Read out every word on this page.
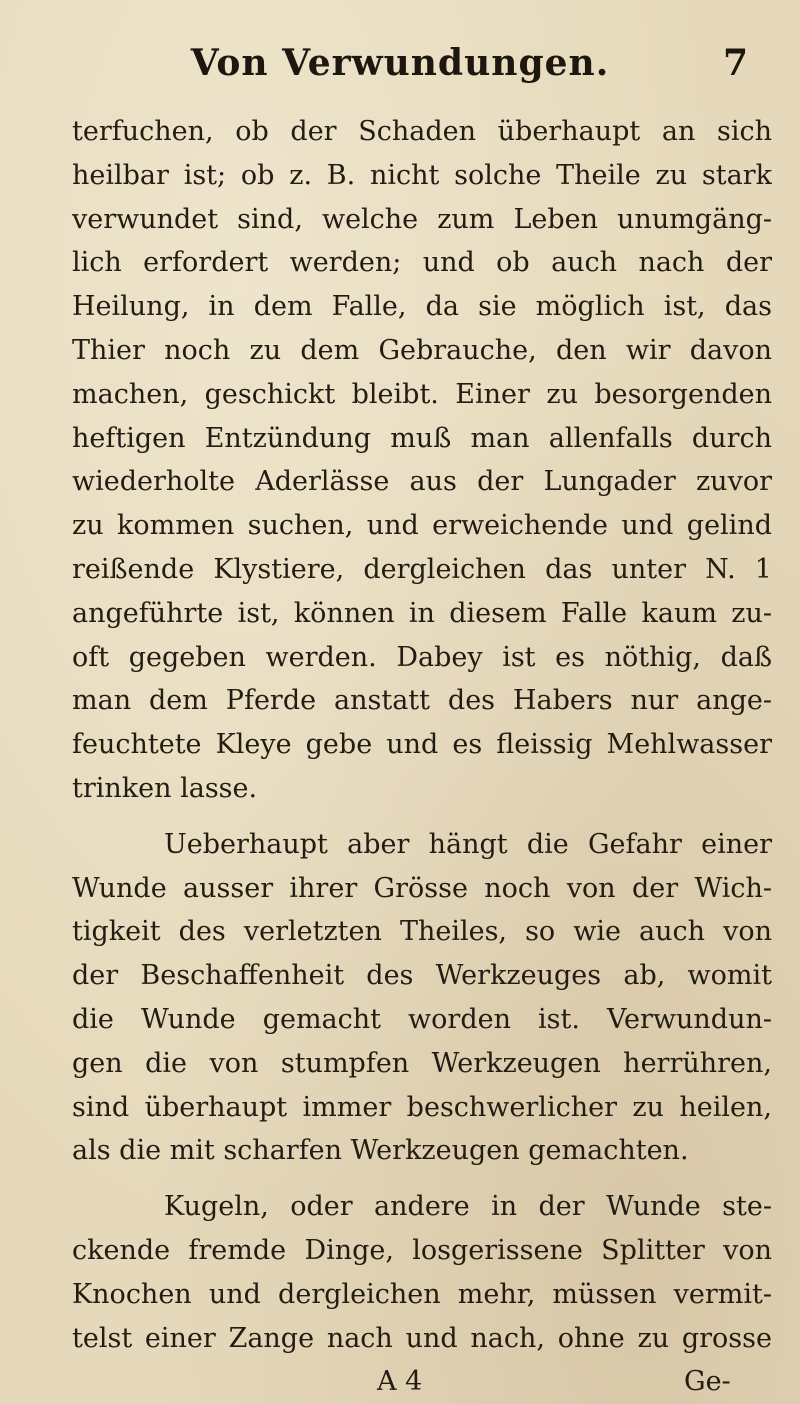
Von Verwundungen.	7
terfuchen, ob der Schaden überhaupt an sich
heilbar ist; ob z. B. nicht solche Theile zu stark
verwundet sind, welche zum Leben unumgäng-
lich erfordert werden; und ob auch nach der
Heilung, in dem Falle, da sie möglich ist, das
Thier noch zu dem Gebrauche, den wir davon
machen, geschickt bleibt. Einer zu besorgenden
heftigen Entzündung muß man allenfalls durch
wiederholte Aderlässe aus der Lungader zuvor
zu kommen suchen, und erweichende und gelind
reißende Klystiere, dergleichen das unter N. 1
angeführte ist, können in diesem Falle kaum zu-
oft gegeben werden. Dabey ist es nöthig, daß
man dem Pferde anstatt des Habers nur ange-
feuchtete Kleye gebe und es fleissig Mehlwasser
trinken lasse.
Ueberhaupt aber hängt die Gefahr einer
Wunde ausser ihrer Grösse noch von der Wich-
tigkeit des verletzten Theiles, so wie auch von
der Beschaffenheit des Werkzeuges ab, womit
die Wunde gemacht worden ist. Verwundun-
gen die von stumpfen Werkzeugen herrühren,
sind überhaupt immer beschwerlicher zu heilen,
als die mit scharfen Werkzeugen gemachten.
Kugeln, oder andere in der Wunde ste-
ckende fremde Dinge, losgerissene Splitter von
Knochen und dergleichen mehr, müssen vermit-
telst einer Zange nach und nach, ohne zu grosse
A 4	Ge-
